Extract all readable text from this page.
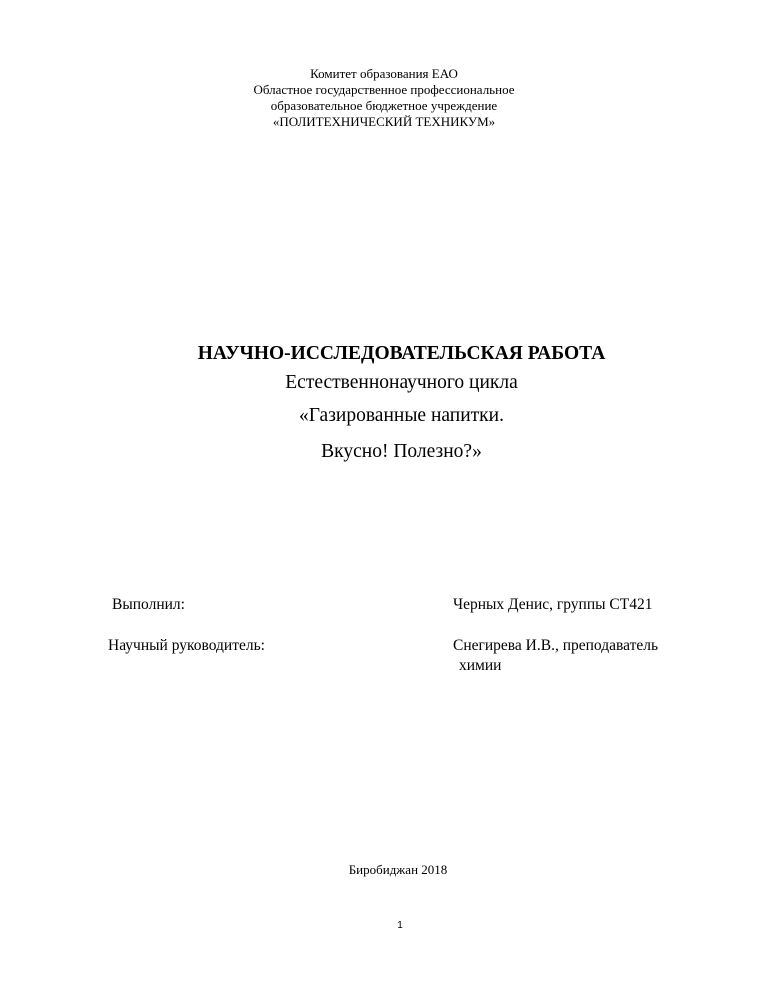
Комитет образования ЕАО
Областное государственное профессиональное
образовательное бюджетное учреждение
«ПОЛИТЕХНИЧЕСКИЙ ТЕХНИКУМ»
НАУЧНО-ИССЛЕДОВАТЕЛЬСКАЯ РАБОТА
Естественнонаучного цикла
«Газированные напитки.
Вкусно! Полезно?»
Выполнил:	Черных Денис, группы СТ421
Научный руководитель:	Снегирева И.В., преподаватель
химии
Биробиджан 2018
1
